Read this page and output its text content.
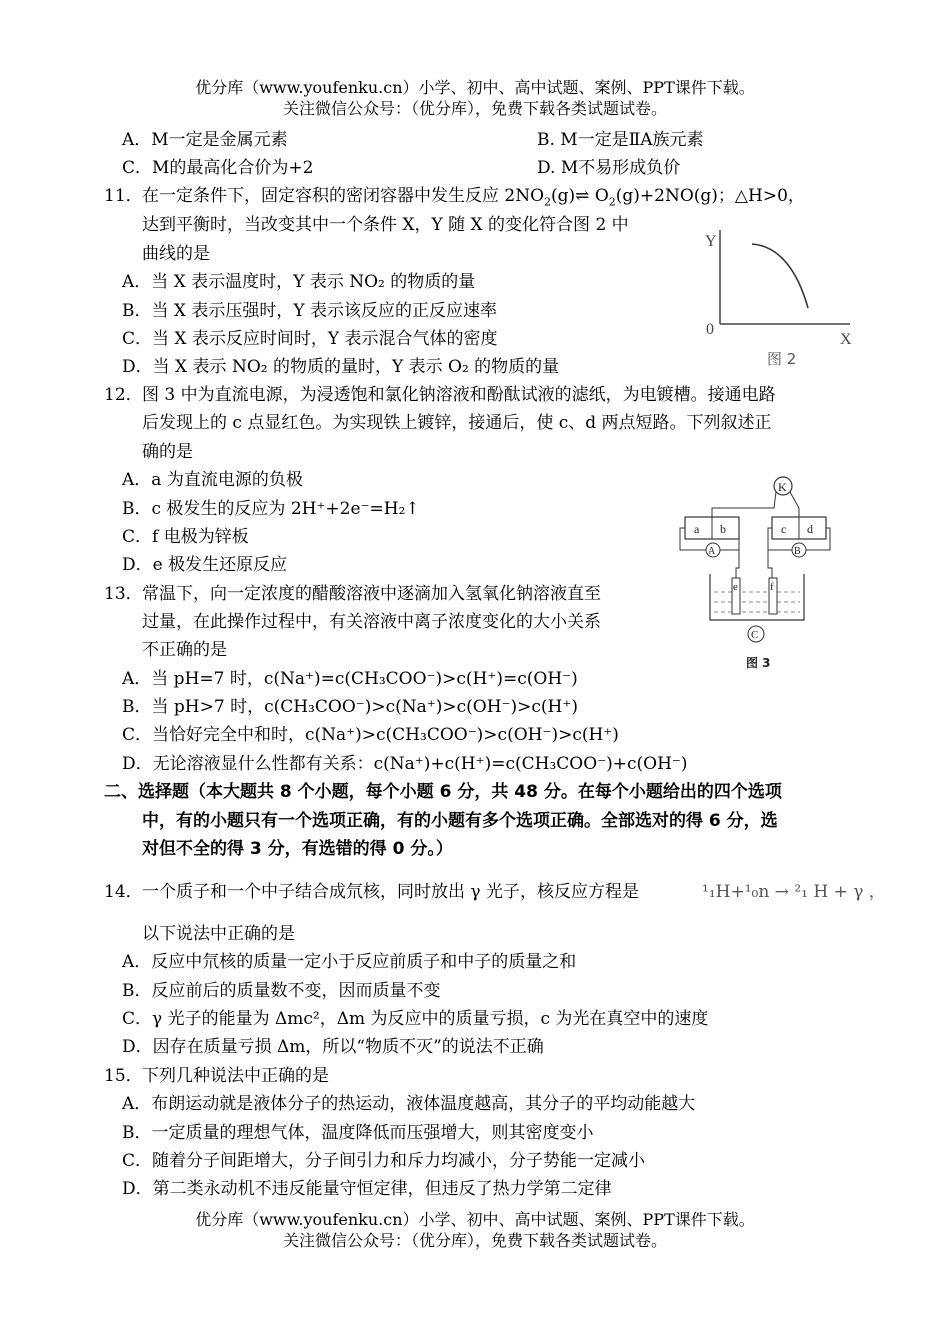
优分库（www.youfenku.cn）小学、初中、高中试题、案例、PPT课件下载。
关注微信公众号：（优分库），免费下载各类试题试卷。
A．M一定是金属元素	B. M一定是ⅡA族元素
C．M的最高化合价为+2	D. M不易形成负价
11． 在一定条件下，固定容积的密闭容器中发生反应 $2NO_2(g)\rightleftharpoons$ $O_2(g)+2NO(g)$；△H>0，
达到平衡时，当改变其中一个条件 X，Y 随 X 的变化符合图 2 中
曲线的是
A．当 X 表示温度时，Y 表示 NO₂ 的物质的量
B．当 X 表示压强时，Y 表示该反应的正反应速率
C．当 X 表示反应时间时，Y 表示混合气体的密度
D．当 X 表示 NO₂ 的物质的量时，Y 表示 O₂ 的物质的量
Y
0
X
图 2
12． 图 3 中为直流电源，为浸透饱和氯化钠溶液和酚酞试液的滤纸，为电镀槽。接通电路
后发现上的 c 点显红色。为实现铁上镀锌，接通后，使 c、d 两点短路。下列叙述正
确的是
A．a 为直流电源的负极
B．c 极发生的反应为 2H⁺+2e⁻=H₂↑
C．f 电极为锌板
D．e 极发生还原反应
K
a b	c d
A	B
e	f
C
图 3
13． 常温下，向一定浓度的醋酸溶液中逐滴加入氢氧化钠溶液直至
过量，在此操作过程中，有关溶液中离子浓度变化的大小关系
不正确的是
A．当 pH=7 时，c(Na⁺)=c(CH₃COO⁻)>c(H⁺)=c(OH⁻)
B．当 pH>7 时，c(CH₃COO⁻)>c(Na⁺)>c(OH⁻)>c(H⁺)
C．当恰好完全中和时，c(Na⁺)>c(CH₃COO⁻)>c(OH⁻)>c(H⁺)
D．无论溶液显什么性都有关系：c(Na⁺)+c(H⁺)=c(CH₃COO⁻)+c(OH⁻)
二、选择题（本大题共 8 个小题，每个小题 6 分，共 48 分。在每个小题给出的四个选项
中，有的小题只有一个选项正确，有的小题有多个选项正确。全部选对的得 6 分，选
对但不全的得 3 分，有选错的得 0 分。）
14． 一个质子和一个中子结合成氘核，同时放出 γ 光子，核反应方程是	¹₁H+¹₀n → ²₁ H + γ ，
以下说法中正确的是
A．反应中氘核的质量一定小于反应前质子和中子的质量之和
B．反应前后的质量数不变，因而质量不变
C．γ 光子的能量为 Δmc²，Δm 为反应中的质量亏损，c 为光在真空中的速度
D．因存在质量亏损 Δm，所以“物质不灭”的说法不正确
15． 下列几种说法中正确的是
A．布朗运动就是液体分子的热运动，液体温度越高，其分子的平均动能越大
B．一定质量的理想气体，温度降低而压强增大，则其密度变小
C．随着分子间距增大，分子间引力和斥力均减小，分子势能一定减小
D．第二类永动机不违反能量守恒定律，但违反了热力学第二定律
优分库（www.youfenku.cn）小学、初中、高中试题、案例、PPT课件下载。
关注微信公众号：（优分库），免费下载各类试题试卷。
